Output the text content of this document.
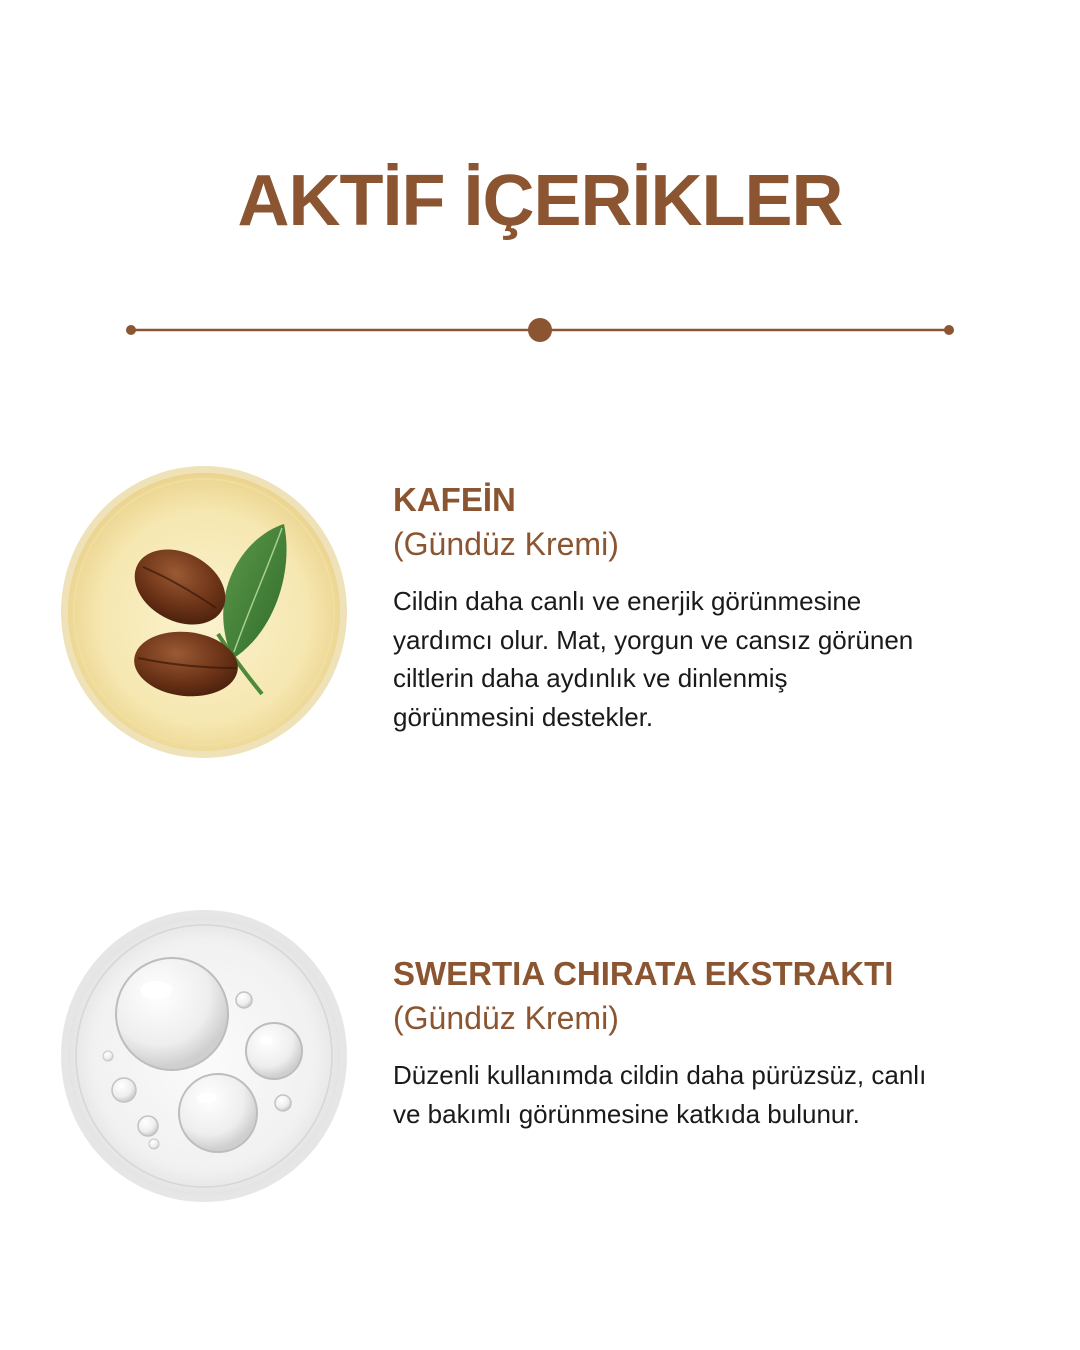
AKTİF İÇERİKLER
KAFEİN

(Gündüz Kremi)

Cildin daha canlı ve enerjik görünmesine yardımcı olur. Mat, yorgun ve cansız görünen ciltlerin daha aydınlık ve dinlenmiş görünmesini destekler.

SWERTIA CHIRATA EKSTRAKTI

(Gündüz Kremi)

Düzenli kullanımda cildin daha pürüzsüz, canlı ve bakımlı görünmesine katkıda bulunur.
